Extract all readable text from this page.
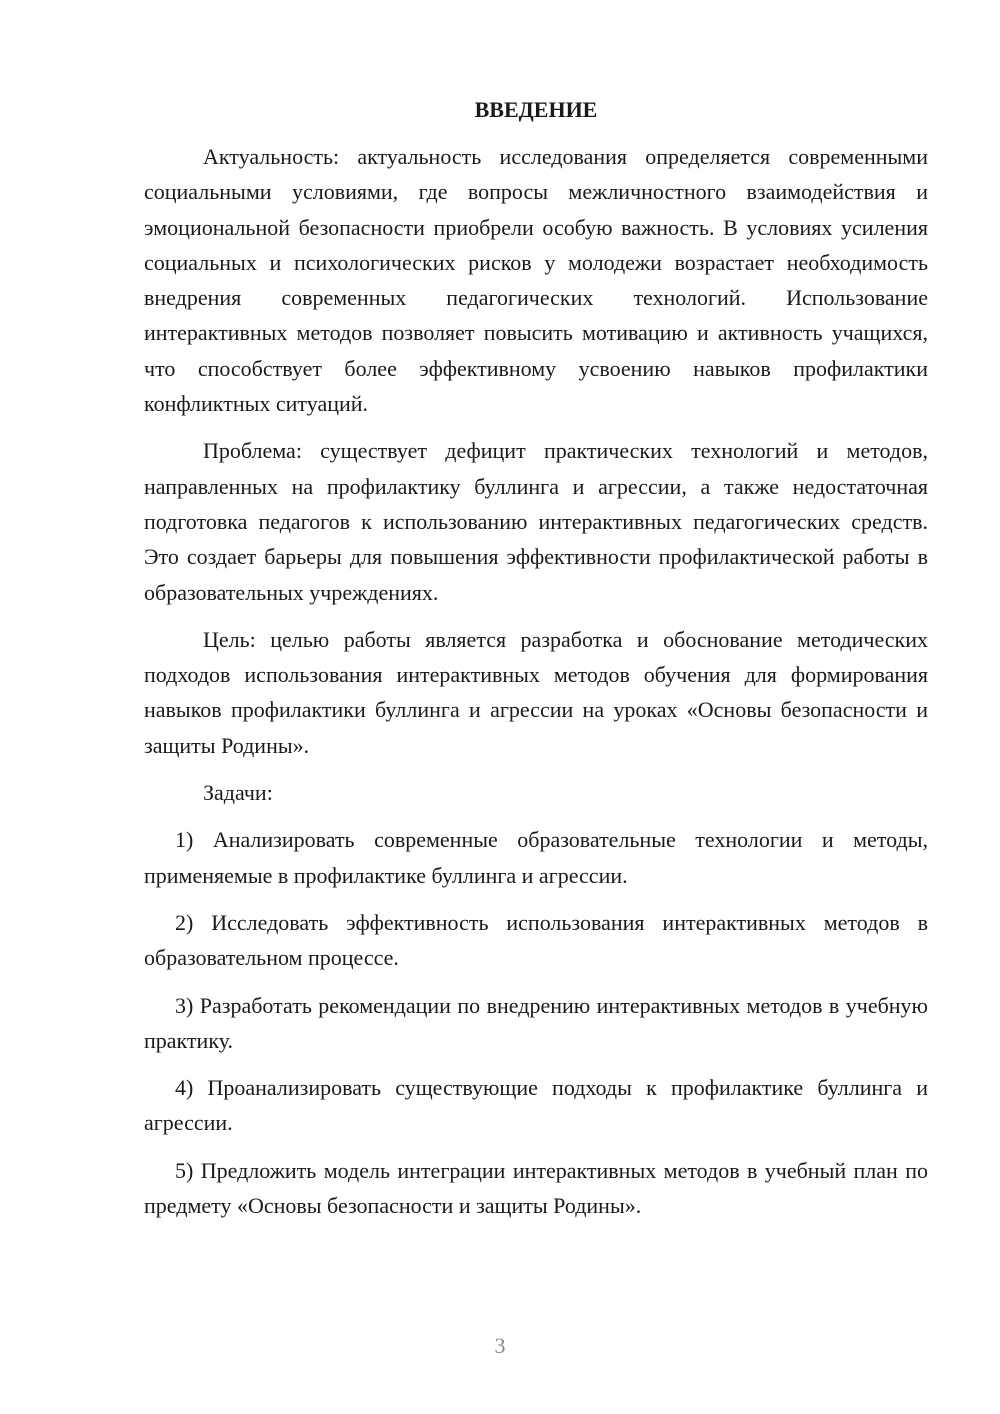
ВВЕДЕНИЕ

Актуальность: актуальность исследования определяется современными социальными условиями, где вопросы межличностного взаимодействия и эмоциональной безопасности приобрели особую важность. В условиях усиления социальных и психологических рисков у молодежи возрастает необходимость внедрения современных педагогических технологий. Использование интерактивных методов позволяет повысить мотивацию и активность учащихся, что способствует более эффективному усвоению навыков профилактики конфликтных ситуаций.

Проблема: существует дефицит практических технологий и методов, направленных на профилактику буллинга и агрессии, а также недостаточная подготовка педагогов к использованию интерактивных педагогических средств. Это создает барьеры для повышения эффективности профилактической работы в образовательных учреждениях.

Цель: целью работы является разработка и обоснование методических подходов использования интерактивных методов обучения для формирования навыков профилактики буллинга и агрессии на уроках «Основы безопасности и защиты Родины».

Задачи:

1) Анализировать современные образовательные технологии и методы, применяемые в профилактике буллинга и агрессии.

2) Исследовать эффективность использования интерактивных методов в образовательном процессе.

3) Разработать рекомендации по внедрению интерактивных методов в учебную практику.

4) Проанализировать существующие подходы к профилактике буллинга и агрессии.

5) Предложить модель интеграции интерактивных методов в учебный план по предмету «Основы безопасности и защиты Родины».

3
